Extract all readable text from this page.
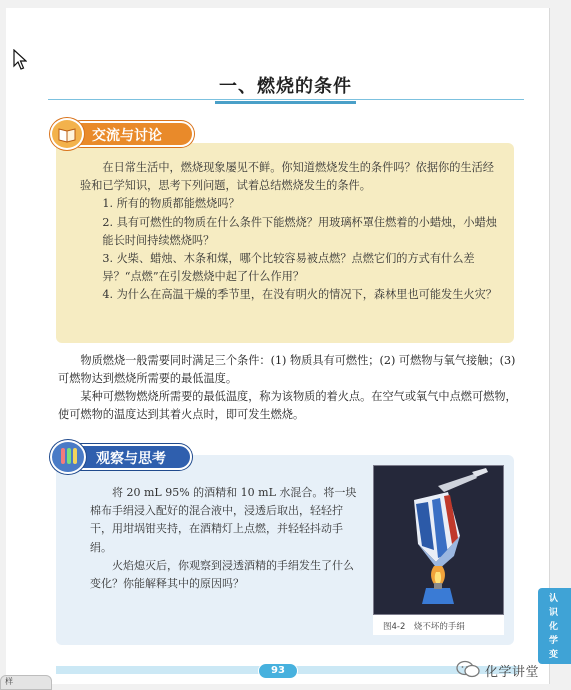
一、燃烧的条件
交流与讨论

在日常生活中，燃烧现象屡见不鲜。你知道燃烧发生的条件吗？依据你的生活经验和已学知识，思考下列问题，试着总结燃烧发生的条件。

1. 所有的物质都能燃烧吗？

2. 具有可燃性的物质在什么条件下能燃烧？用玻璃杯罩住燃着的小蜡烛，小蜡烛能长时间持续燃烧吗？

3. 火柴、蜡烛、木条和煤，哪个比较容易被点燃？点燃它们的方式有什么差异？“点燃”在引发燃烧中起了什么作用？

4. 为什么在高温干燥的季节里，在没有明火的情况下，森林里也可能发生火灾？

物质燃烧一般需要同时满足三个条件：(1) 物质具有可燃性；(2) 可燃物与氧气接触；(3) 可燃物达到燃烧所需要的最低温度。

某种可燃物燃烧所需要的最低温度，称为该物质的着火点。在空气或氧气中点燃可燃物，使可燃物的温度达到其着火点时，即可发生燃烧。

观察与思考

将 20 mL 95% 的酒精和 10 mL 水混合。将一块棉布手绢浸入配好的混合液中，浸透后取出，轻轻拧干，用坩埚钳夹持，在酒精灯上点燃，并轻轻抖动手绢。

火焰熄灭后，你观察到浸透酒精的手绢发生了什么变化？你能解释其中的原因吗？

图4-2　烧不坏的手绢
认
识
化
学
变
93	化学讲堂
样
